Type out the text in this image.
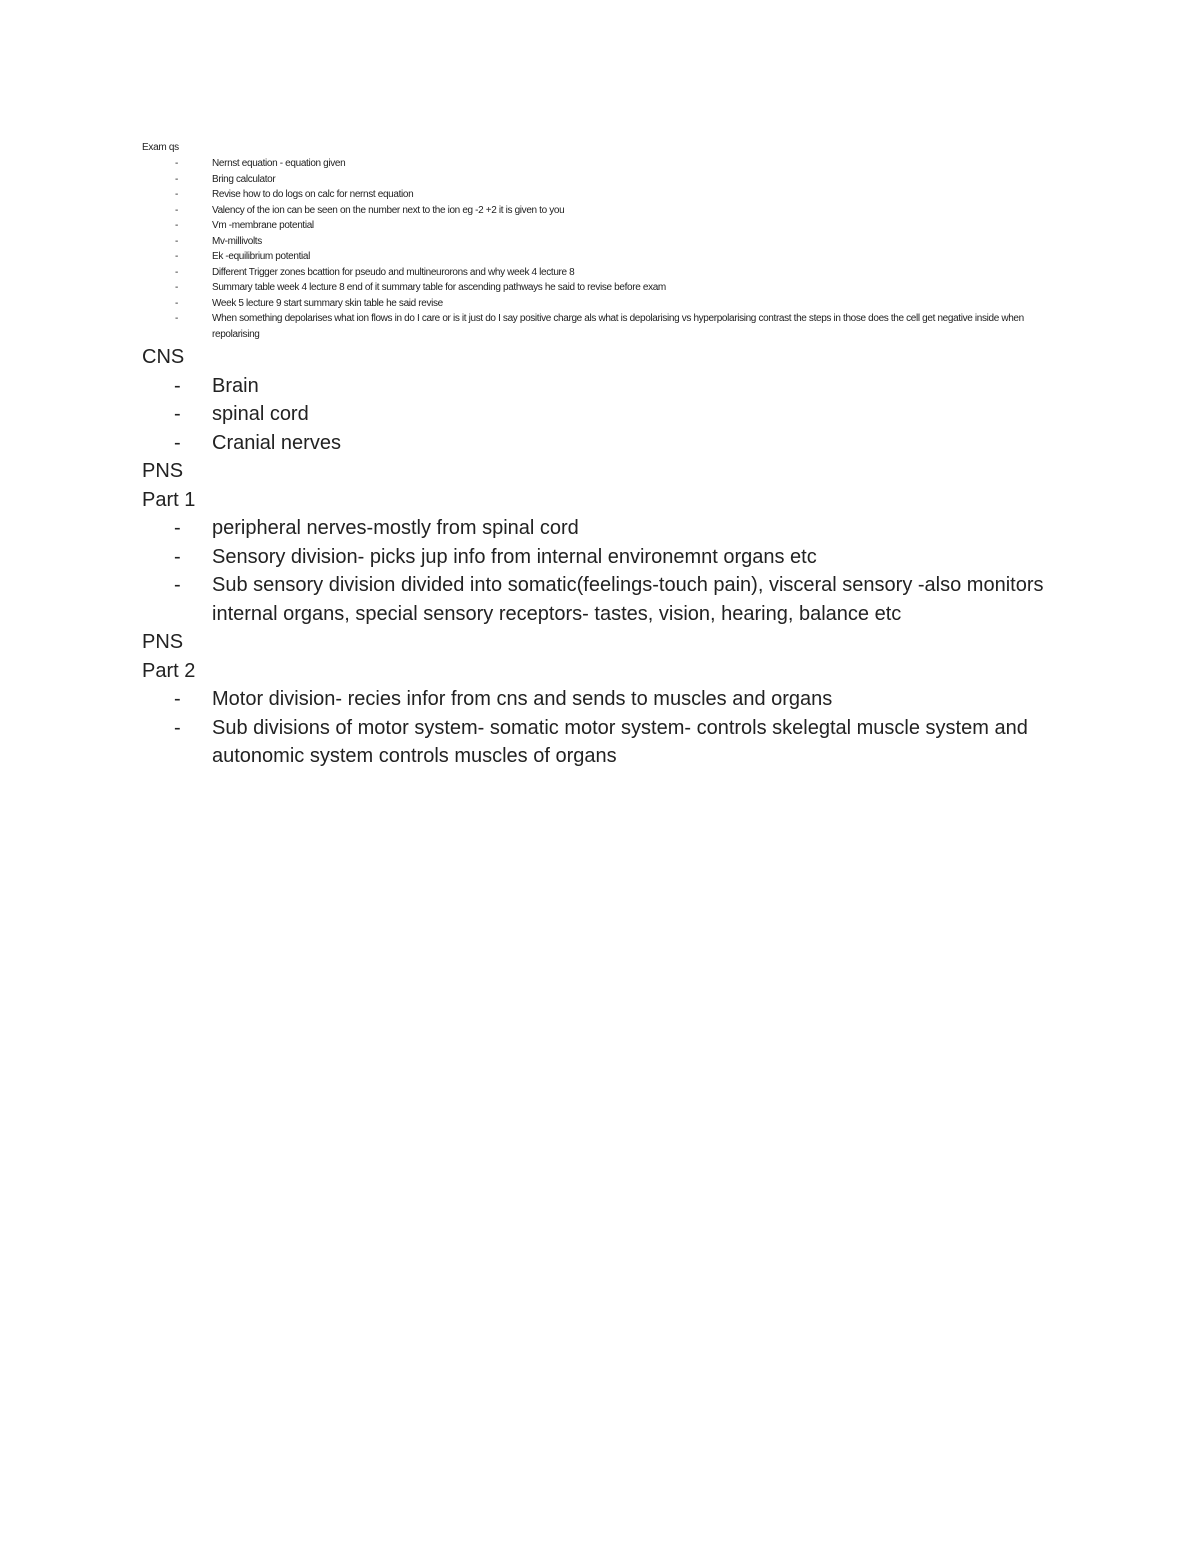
Exam qs
-	Nernst equation - equation given
-	Bring calculator
-	Revise how to do logs on calc for nernst equation
-	Valency of the ion can be seen on the number next to the ion eg -2 +2 it is given to you
-	Vm -membrane potential
-	Mv-millivolts
-	Ek -equilibrium potential
-	Different Trigger zones bcattion for pseudo and multineurorons and why week 4 lecture 8
-	Summary table week 4 lecture 8 end of it summary table for ascending pathways he said to revise before exam
-	Week 5 lecture 9 start summary skin table he said revise
-	When something depolarises what ion flows in do I care or is it just do I say positive charge als what is depolarising vs hyperpolarising contrast the steps in those does the cell get negative inside when repolarising
CNS
- Brain
- spinal cord
- Cranial nerves
PNS
Part 1
- peripheral nerves-mostly from spinal cord
- Sensory division- picks jup info from internal environemnt organs etc
- Sub sensory division divided into somatic(feelings-touch pain), visceral sensory -also monitors internal organs, special sensory receptors- tastes, vision, hearing, balance etc
PNS
Part 2
- Motor division- recies infor from cns and sends to muscles and organs
- Sub divisions of motor system- somatic motor system- controls skelegtal muscle system and autonomic system controls muscles of organs
